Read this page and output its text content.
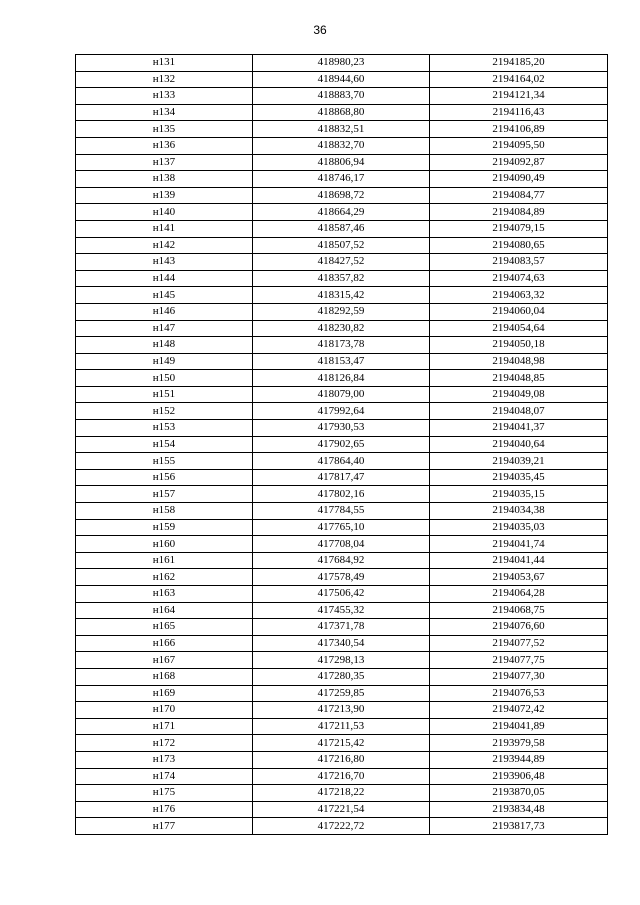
36
н131	418980,23	2194185,20
н132	418944,60	2194164,02
н133	418883,70	2194121,34
н134	418868,80	2194116,43
н135	418832,51	2194106,89
н136	418832,70	2194095,50
н137	418806,94	2194092,87
н138	418746,17	2194090,49
н139	418698,72	2194084,77
н140	418664,29	2194084,89
н141	418587,46	2194079,15
н142	418507,52	2194080,65
н143	418427,52	2194083,57
н144	418357,82	2194074,63
н145	418315,42	2194063,32
н146	418292,59	2194060,04
н147	418230,82	2194054,64
н148	418173,78	2194050,18
н149	418153,47	2194048,98
н150	418126,84	2194048,85
н151	418079,00	2194049,08
н152	417992,64	2194048,07
н153	417930,53	2194041,37
н154	417902,65	2194040,64
н155	417864,40	2194039,21
н156	417817,47	2194035,45
н157	417802,16	2194035,15
н158	417784,55	2194034,38
н159	417765,10	2194035,03
н160	417708,04	2194041,74
н161	417684,92	2194041,44
н162	417578,49	2194053,67
н163	417506,42	2194064,28
н164	417455,32	2194068,75
н165	417371,78	2194076,60
н166	417340,54	2194077,52
н167	417298,13	2194077,75
н168	417280,35	2194077,30
н169	417259,85	2194076,53
н170	417213,90	2194072,42
н171	417211,53	2194041,89
н172	417215,42	2193979,58
н173	417216,80	2193944,89
н174	417216,70	2193906,48
н175	417218,22	2193870,05
н176	417221,54	2193834,48
н177	417222,72	2193817,73
